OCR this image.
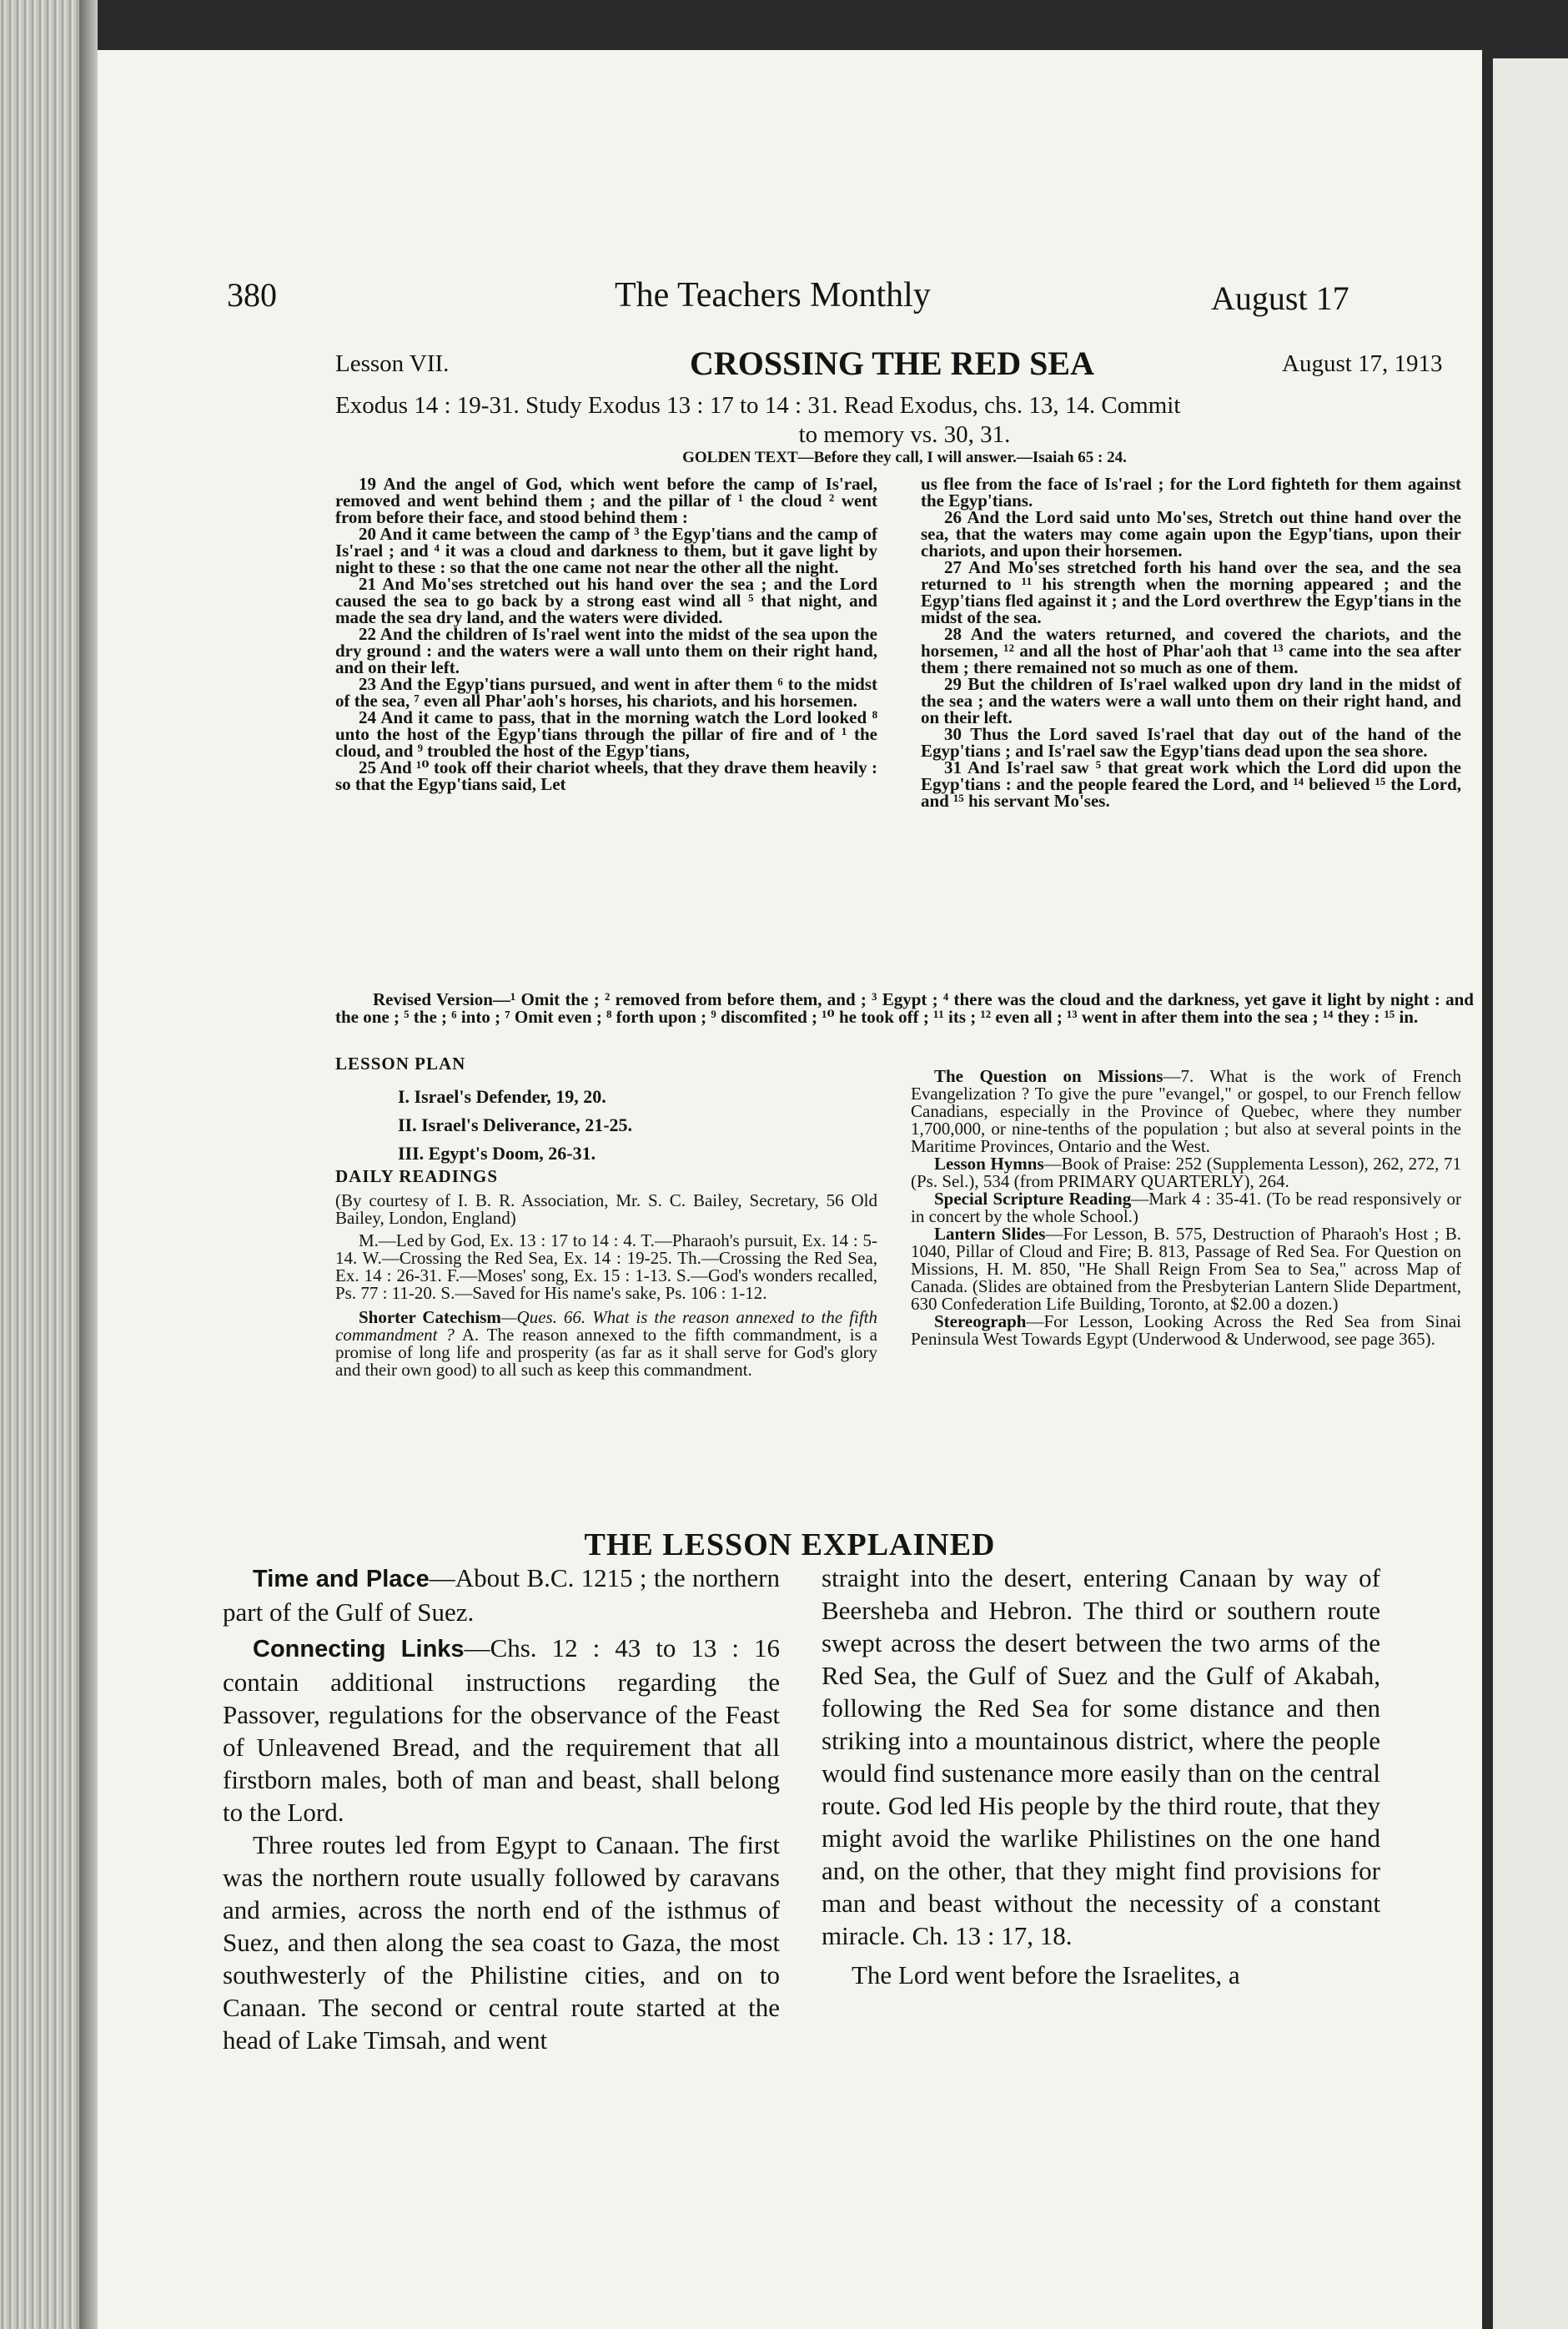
380	The Teachers Monthly	August 17
Lesson VII.	CROSSING THE RED SEA	August 17, 1913
Exodus 14 : 19-31. Study Exodus 13 : 17 to 14 : 31. Read Exodus, chs. 13, 14. Commit
to memory vs. 30, 31.
GOLDEN TEXT—Before they call, I will answer.—Isaiah 65 : 24.

19 And the angel of God, which went before the camp of Is'rael, removed and went behind them ; and the pillar of ¹ the cloud ² went from before their face, and stood behind them :

20 And it came between the camp of ³ the Egyp'tians and the camp of Is'rael ; and ⁴ it was a cloud and darkness to them, but it gave light by night to these : so that the one came not near the other all the night.

21 And Mo'ses stretched out his hand over the sea ; and the Lord caused the sea to go back by a strong east wind all ⁵ that night, and made the sea dry land, and the waters were divided.

22 And the children of Is'rael went into the midst of the sea upon the dry ground : and the waters were a wall unto them on their right hand, and on their left.

23 And the Egyp'tians pursued, and went in after them ⁶ to the midst of the sea, ⁷ even all Phar'aoh's horses, his chariots, and his horsemen.

24 And it came to pass, that in the morning watch the Lord looked ⁸ unto the host of the Egyp'tians through the pillar of fire and of ¹ the cloud, and ⁹ troubled the host of the Egyp'tians,

25 And ¹⁰ took off their chariot wheels, that they drave them heavily : so that the Egyp'tians said, Let

us flee from the face of Is'rael ; for the Lord fighteth for them against the Egyp'tians.

26 And the Lord said unto Mo'ses, Stretch out thine hand over the sea, that the waters may come again upon the Egyp'tians, upon their chariots, and upon their horsemen.

27 And Mo'ses stretched forth his hand over the sea, and the sea returned to ¹¹ his strength when the morning appeared ; and the Egyp'tians fled against it ; and the Lord overthrew the Egyp'tians in the midst of the sea.

28 And the waters returned, and covered the chariots, and the horsemen, ¹² and all the host of Phar'aoh that ¹³ came into the sea after them ; there remained not so much as one of them.

29 But the children of Is'rael walked upon dry land in the midst of the sea ; and the waters were a wall unto them on their right hand, and on their left.

30 Thus the Lord saved Is'rael that day out of the hand of the Egyp'tians ; and Is'rael saw the Egyp'tians dead upon the sea shore.

31 And Is'rael saw ⁵ that great work which the Lord did upon the Egyp'tians : and the people feared the Lord, and ¹⁴ believed ¹⁵ the Lord, and ¹⁵ his servant Mo'ses.

Revised Version—¹ Omit the ; ² removed from before them, and ; ³ Egypt ; ⁴ there was the cloud and the darkness, yet gave it light by night : and the one ; ⁵ the ; ⁶ into ; ⁷ Omit even ; ⁸ forth upon ; ⁹ discomfited ; ¹⁰ he took off ; ¹¹ its ; ¹² even all ; ¹³ went in after them into the sea ; ¹⁴ they : ¹⁵ in.

LESSON PLAN

I. Israel's Defender, 19, 20.
II. Israel's Deliverance, 21-25.
III. Egypt's Doom, 26-31.

DAILY READINGS

(By courtesy of I. B. R. Association, Mr. S. C. Bailey, Secretary, 56 Old Bailey, London, England)

M.—Led by God, Ex. 13 : 17 to 14 : 4. T.—Pharaoh's pursuit, Ex. 14 : 5-14. W.—Crossing the Red Sea, Ex. 14 : 19-25. Th.—Crossing the Red Sea, Ex. 14 : 26-31. F.—Moses' song, Ex. 15 : 1-13. S.—God's wonders recalled, Ps. 77 : 11-20. S.—Saved for His name's sake, Ps. 106 : 1-12.

Shorter Catechism—Ques. 66. What is the reason annexed to the fifth commandment ? A. The reason annexed to the fifth commandment, is a promise of long life and prosperity (as far as it shall serve for God's glory and their own good) to all such as keep this commandment.

The Question on Missions—7. What is the work of French Evangelization ? To give the pure "evangel," or gospel, to our French fellow Canadians, especially in the Province of Quebec, where they number 1,700,000, or nine-tenths of the population ; but also at several points in the Maritime Provinces, Ontario and the West.

Lesson Hymns—Book of Praise: 252 (Supplementa Lesson), 262, 272, 71 (Ps. Sel.), 534 (from PRIMARY QUARTERLY), 264.

Special Scripture Reading—Mark 4 : 35-41. (To be read responsively or in concert by the whole School.)

Lantern Slides—For Lesson, B. 575, Destruction of Pharaoh's Host ; B. 1040, Pillar of Cloud and Fire; B. 813, Passage of Red Sea. For Question on Missions, H. M. 850, "He Shall Reign From Sea to Sea," across Map of Canada. (Slides are obtained from the Presbyterian Lantern Slide Department, 630 Confederation Life Building, Toronto, at $2.00 a dozen.)

Stereograph—For Lesson, Looking Across the Red Sea from Sinai Peninsula West Towards Egypt (Underwood & Underwood, see page 365).

THE LESSON EXPLAINED

Time and Place—About B.C. 1215 ; the northern part of the Gulf of Suez.

Connecting Links—Chs. 12 : 43 to 13 : 16 contain additional instructions regarding the Passover, regulations for the observance of the Feast of Unleavened Bread, and the requirement that all firstborn males, both of man and beast, shall belong to the Lord.

Three routes led from Egypt to Canaan. The first was the northern route usually followed by caravans and armies, across the north end of the isthmus of Suez, and then along the sea coast to Gaza, the most southwesterly of the Philistine cities, and on to Canaan. The second or central route started at the head of Lake Timsah, and went

straight into the desert, entering Canaan by way of Beersheba and Hebron. The third or southern route swept across the desert between the two arms of the Red Sea, the Gulf of Suez and the Gulf of Akabah, following the Red Sea for some distance and then striking into a mountainous district, where the people would find sustenance more easily than on the central route. God led His people by the third route, that they might avoid the warlike Philistines on the one hand and, on the other, that they might find provisions for man and beast without the necessity of a constant miracle. Ch. 13 : 17, 18.

The Lord went before the Israelites, a
